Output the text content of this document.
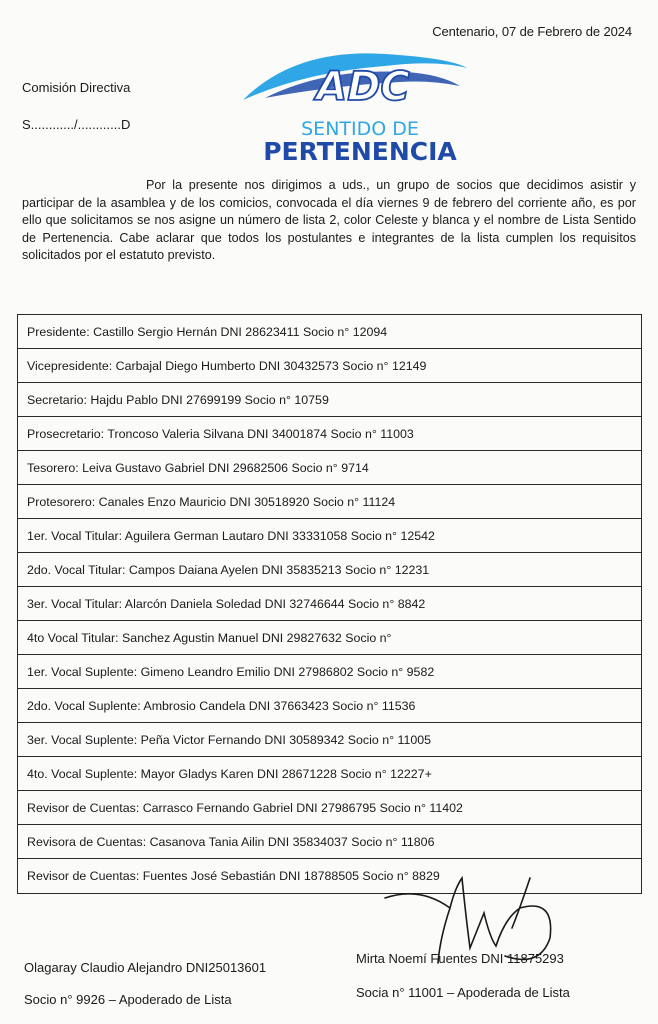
Centenario, 07 de Febrero de 2024
Comisión Directiva
S............/............D
ADC
SENTIDO DE
PERTENENCIA
Por la presente nos dirigimos a uds., un grupo de socios que decidimos asistir y participar de la asamblea y de los comicios, convocada el día viernes 9 de febrero del corriente año, es por ello que solicitamos se nos asigne un número de lista 2, color Celeste y blanca y el nombre de Lista Sentido de Pertenencia. Cabe aclarar que todos los postulantes e integrantes de la lista cumplen los requisitos solicitados por el estatuto previsto.
Presidente: Castillo Sergio Hernán DNI 28623411 Socio n° 12094
Vicepresidente: Carbajal Diego Humberto DNI 30432573 Socio n° 12149
Secretario: Hajdu Pablo DNI 27699199 Socio n° 10759
Prosecretario: Troncoso Valeria Silvana DNI 34001874 Socio n° 11003
Tesorero: Leiva Gustavo Gabriel DNI 29682506 Socio n° 9714
Protesorero: Canales Enzo Mauricio DNI 30518920 Socio n° 11124
1er. Vocal Titular: Aguilera German Lautaro DNI 33331058 Socio n° 12542
2do. Vocal Titular: Campos Daiana Ayelen DNI 35835213 Socio n° 12231
3er. Vocal Titular: Alarcón Daniela Soledad DNI 32746644 Socio n° 8842
4to Vocal Titular: Sanchez Agustin Manuel DNI 29827632 Socio n°
1er. Vocal Suplente: Gimeno Leandro Emilio DNI 27986802 Socio n° 9582
2do. Vocal Suplente: Ambrosio Candela DNI 37663423 Socio n° 11536
3er. Vocal Suplente: Peña Victor Fernando DNI 30589342 Socio n° 11005
4to. Vocal Suplente: Mayor Gladys Karen DNI 28671228 Socio n° 12227+
Revisor de Cuentas: Carrasco Fernando Gabriel DNI 27986795 Socio n° 11402
Revisora de Cuentas: Casanova Tania Ailin DNI 35834037 Socio n° 11806
Revisor de Cuentas: Fuentes José Sebastián DNI 18788505 Socio n° 8829
Olagaray Claudio Alejandro DNI25013601
Socio n° 9926 – Apoderado de Lista
Mirta Noemí Fuentes DNI 11875293
Socia n° 11001 – Apoderada de Lista
